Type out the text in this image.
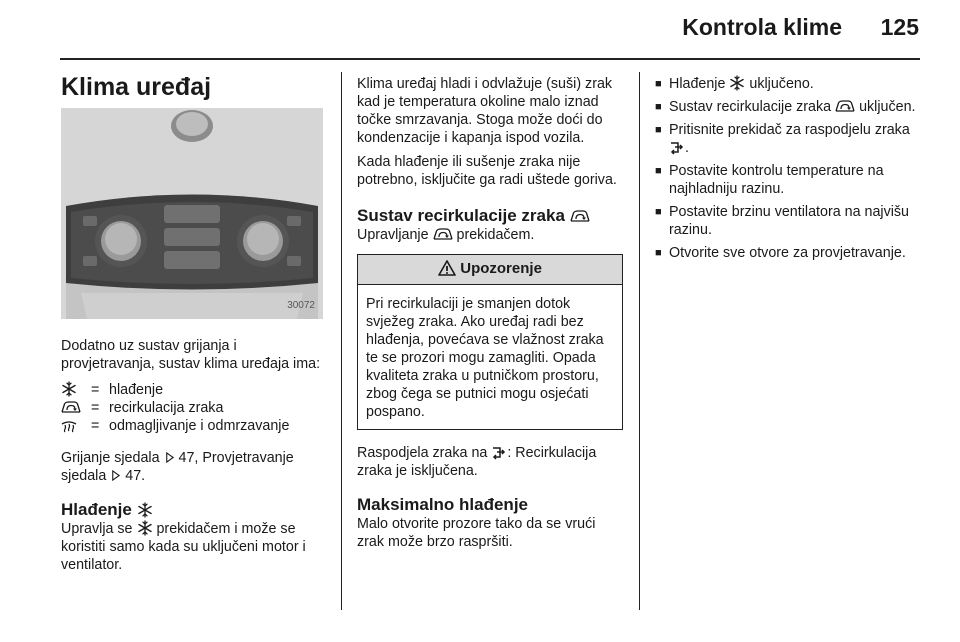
Kontrola klime 125
Klima uređaj
30072

Dodatno uz sustav grijanja i provjetravanja, sustav klima uređaja ima:

= hlađenje
= recirkulacija zraka
= odmagljivanje i odmrzavanje

Grijanje sjedala 47, Provjetravanje sjedala 47.

Hlađenje

Upravlja se prekidačem i može se koristiti samo kada su uključeni motor i ventilator.

Klima uređaj hladi i odvlažuje (suši) zrak kad je temperatura okoline malo iznad točke smrzavanja. Stoga može doći do kondenzacije i kapanja ispod vozila.

Kada hlađenje ili sušenje zraka nije potrebno, isključite ga radi uštede goriva.

Sustav recirkulacije zraka

Upravljanje prekidačem.

Upozorenje
Pri recirkulaciji je smanjen dotok svježeg zraka. Ako uređaj radi bez hlađenja, povećava se vlažnost zraka te se prozori mogu zamagliti. Opada kvaliteta zraka u putničkom prostoru, zbog čega se putnici mogu osjećati pospano.

Raspodjela zraka na : Recirkulacija zraka je isključena.

Maksimalno hlađenje

Malo otvorite prozore tako da se vrući zrak može brzo raspršiti.

■ Hlađenje uključeno.
■ Sustav recirkulacije zraka uključen.
■ Pritisnite prekidač za raspodjelu zraka
.
■ Postavite kontrolu temperature na najhladniju razinu.
■ Postavite brzinu ventilatora na najvišu razinu.
■ Otvorite sve otvore za provjetravanje.
